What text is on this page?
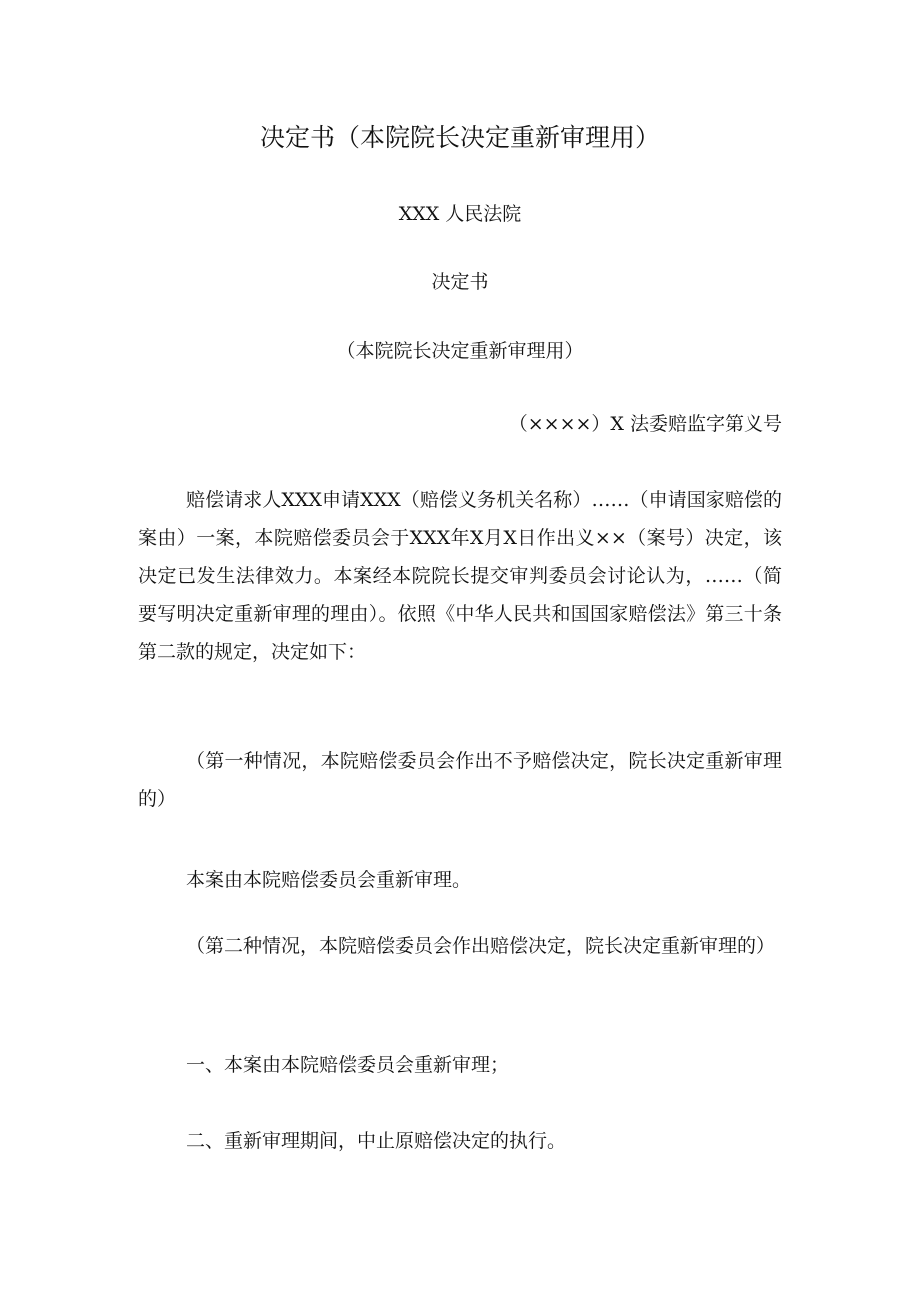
决定书（本院院长决定重新审理用）
XXX 人民法院
决定书
（本院院长决定重新审理用）
（××××）X 法委赔监字第义号

赔偿请求人XXX申请XXX（赔偿义务机关名称）……（申请国家赔偿的案由）一案，本院赔偿委员会于XXX年X月X日作出义××（案号）决定，该决定已发生法律效力。本案经本院院长提交审判委员会讨论认为，……（简要写明决定重新审理的理由）。依照《中华人民共和国国家赔偿法》第三十条第二款的规定，决定如下：

（第一种情况，本院赔偿委员会作出不予赔偿决定，院长决定重新审理的）

本案由本院赔偿委员会重新审理。

（第二种情况，本院赔偿委员会作出赔偿决定，院长决定重新审理的）

一、本案由本院赔偿委员会重新审理；

二、重新审理期间，中止原赔偿决定的执行。
